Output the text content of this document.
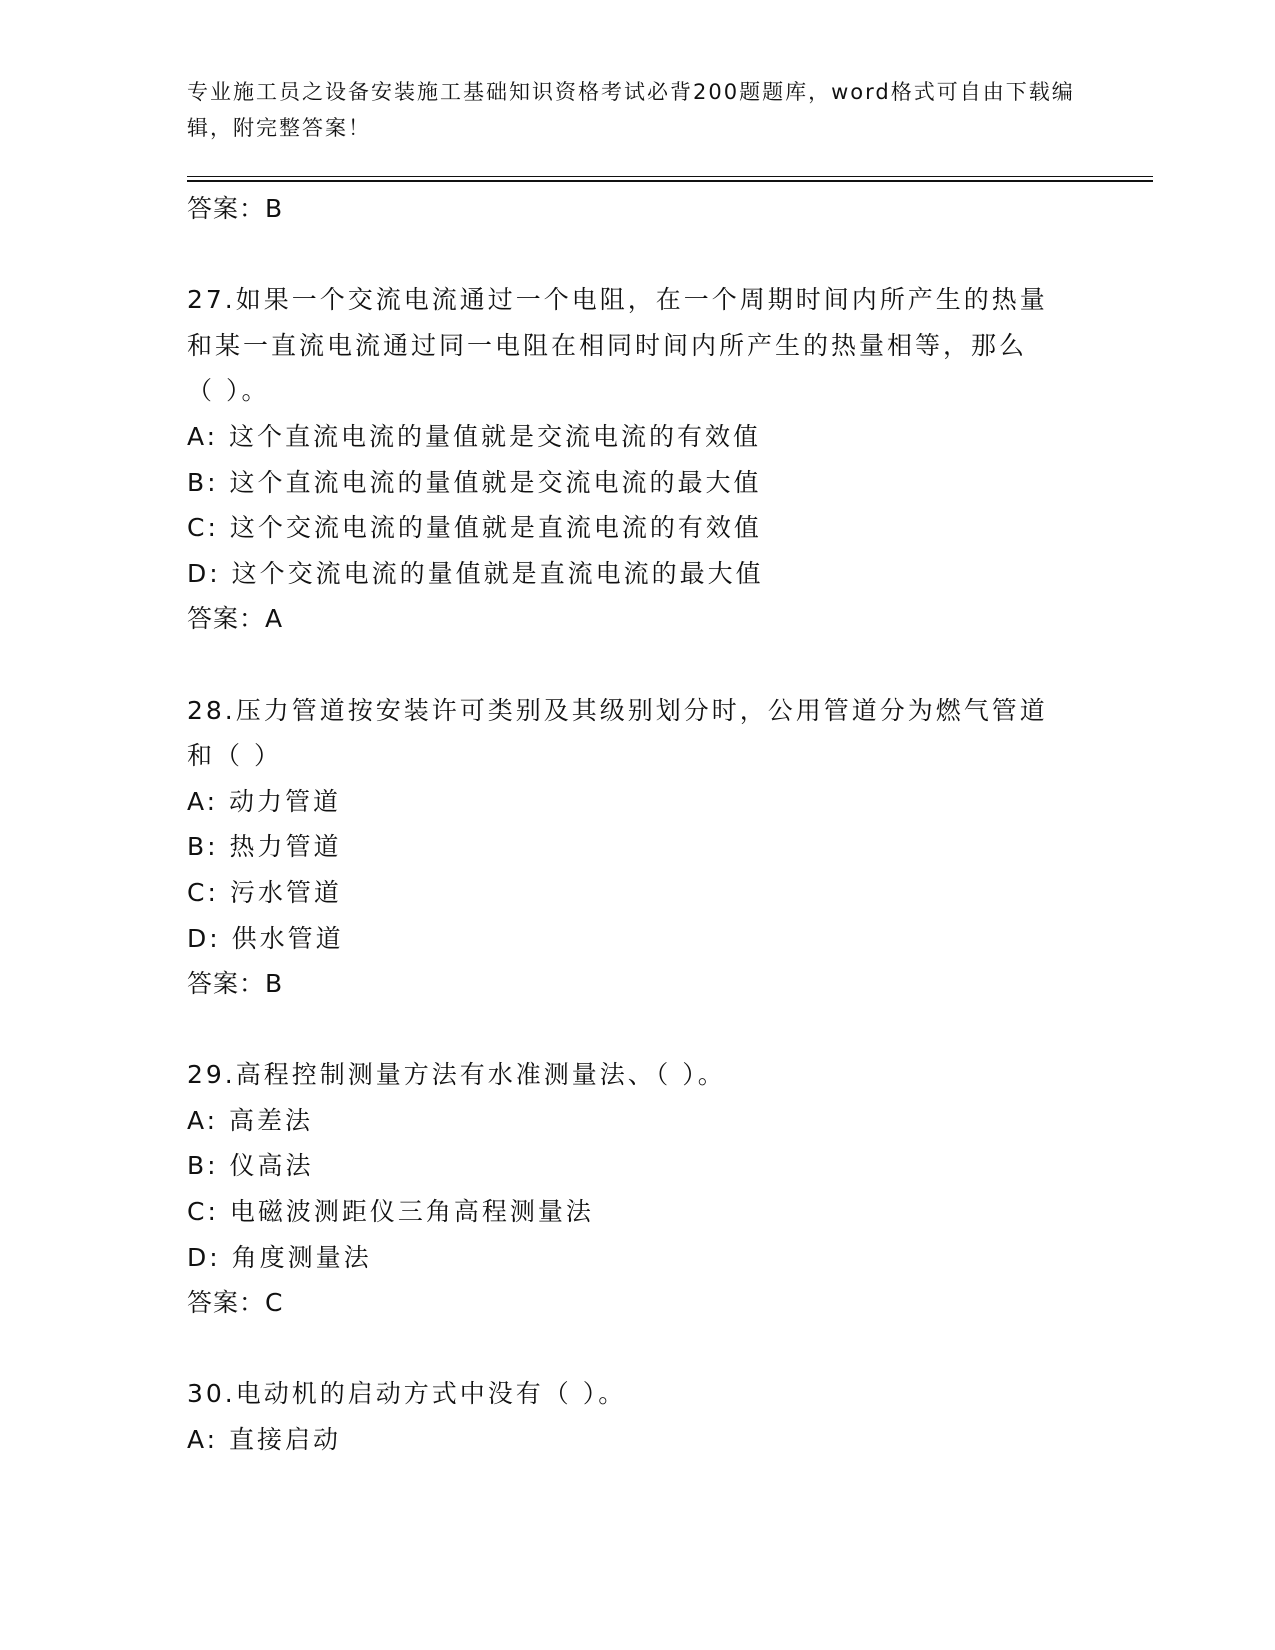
专业施工员之设备安装施工基础知识资格考试必背200题题库，word格式可自由下载编辑，附完整答案！
答案：B
27.如果一个交流电流通过一个电阻，在一个周期时间内所产生的热量
和某一直流电流通过同一电阻在相同时间内所产生的热量相等，那么
（ ）。
A: 这个直流电流的量值就是交流电流的有效值
B: 这个直流电流的量值就是交流电流的最大值
C: 这个交流电流的量值就是直流电流的有效值
D: 这个交流电流的量值就是直流电流的最大值
答案：A
28.压力管道按安装许可类别及其级别划分时，公用管道分为燃气管道
和（ ）
A: 动力管道
B: 热力管道
C: 污水管道
D: 供水管道
答案：B
29.高程控制测量方法有水准测量法、（ ）。
A: 高差法
B: 仪高法
C: 电磁波测距仪三角高程测量法
D: 角度测量法
答案：C
30.电动机的启动方式中没有（ ）。
A: 直接启动
